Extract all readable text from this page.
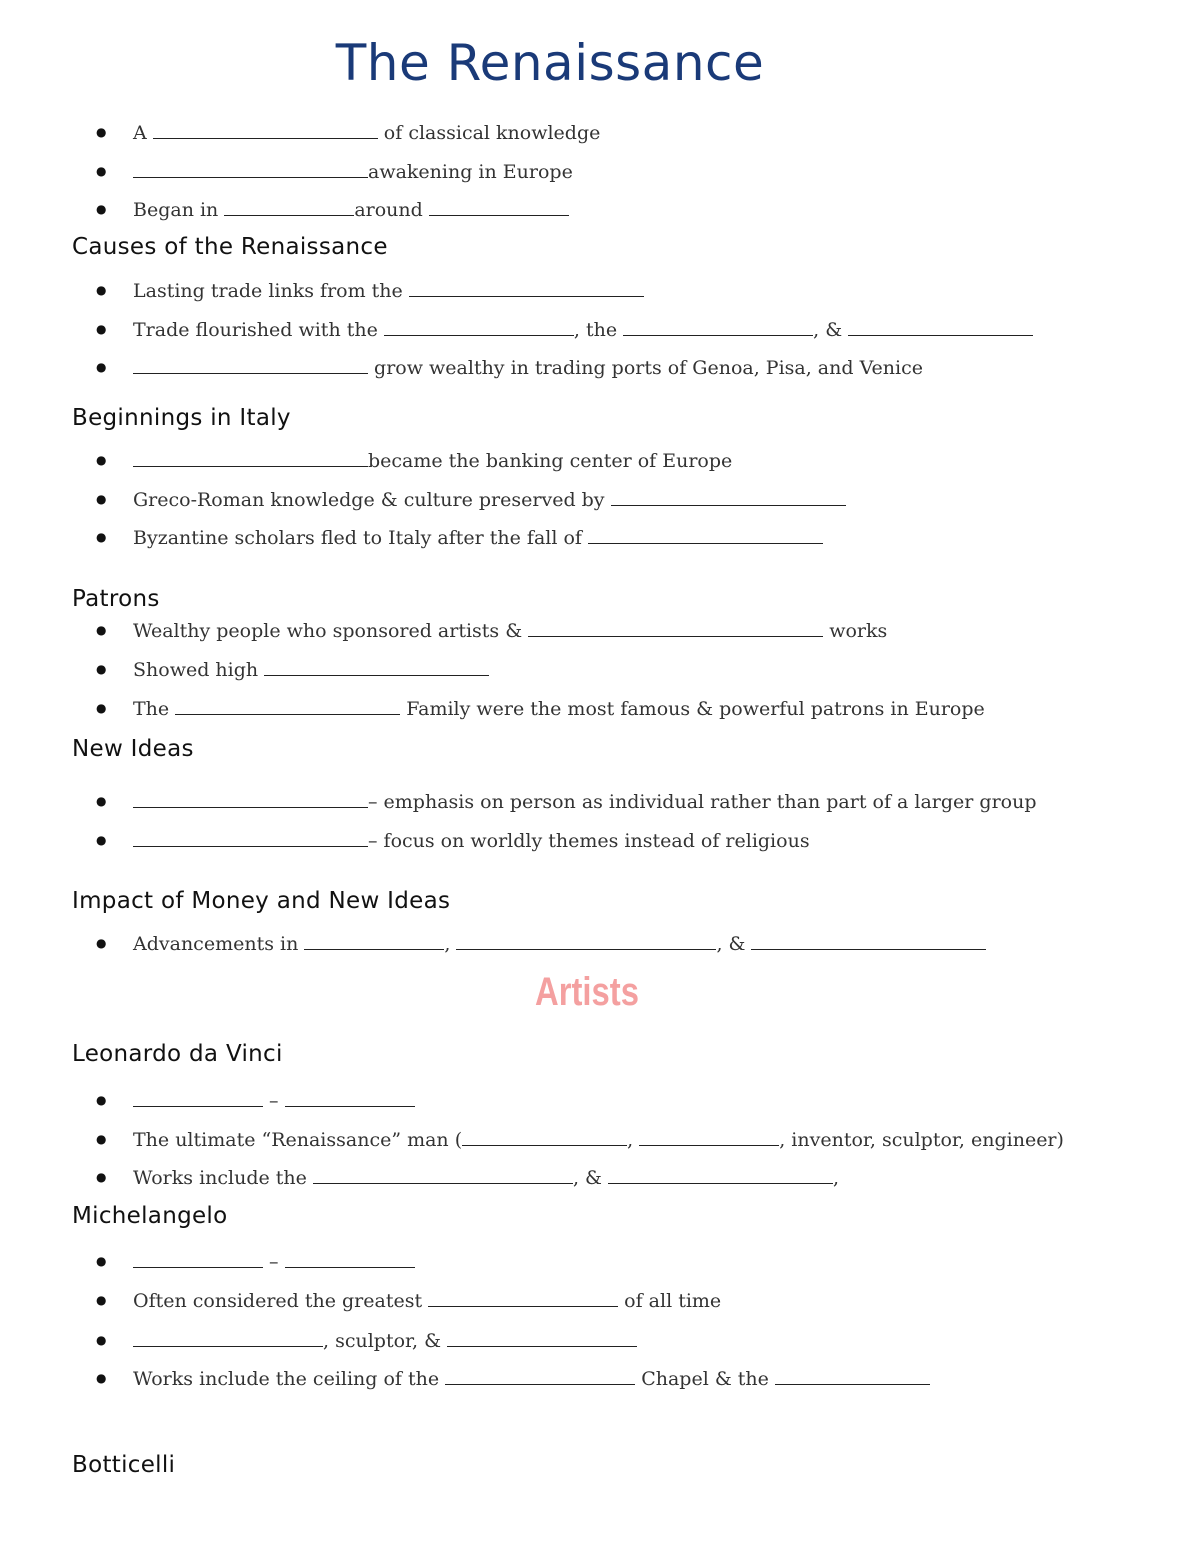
The Renaissance
● A	of classical knowledge
● awakening in Europe
● Began in	around
Causes of the Renaissance
● Lasting trade links from the
● Trade flourished with the	, the	, &
● grow wealthy in trading ports of Genoa, Pisa, and Venice
Beginnings in Italy
● became the banking center of Europe
● Greco-Roman knowledge & culture preserved by
● Byzantine scholars fled to Italy after the fall of
Patrons
● Wealthy people who sponsored artists &	works
● Showed high
● The	Family were the most famous & powerful patrons in Europe
New Ideas
● – emphasis on person as individual rather than part of a larger group
● – focus on worldly themes instead of religious
Impact of Money and New Ideas
● Advancements in	,	, &
Artists
Leonardo da Vinci
● –
● The ultimate “Renaissance” man (	,	, inventor, sculptor, engineer)
● Works include the	, &	,
Michelangelo
● –
● Often considered the greatest	of all time
● , sculptor, &
● Works include the ceiling of the	Chapel & the
Botticelli
